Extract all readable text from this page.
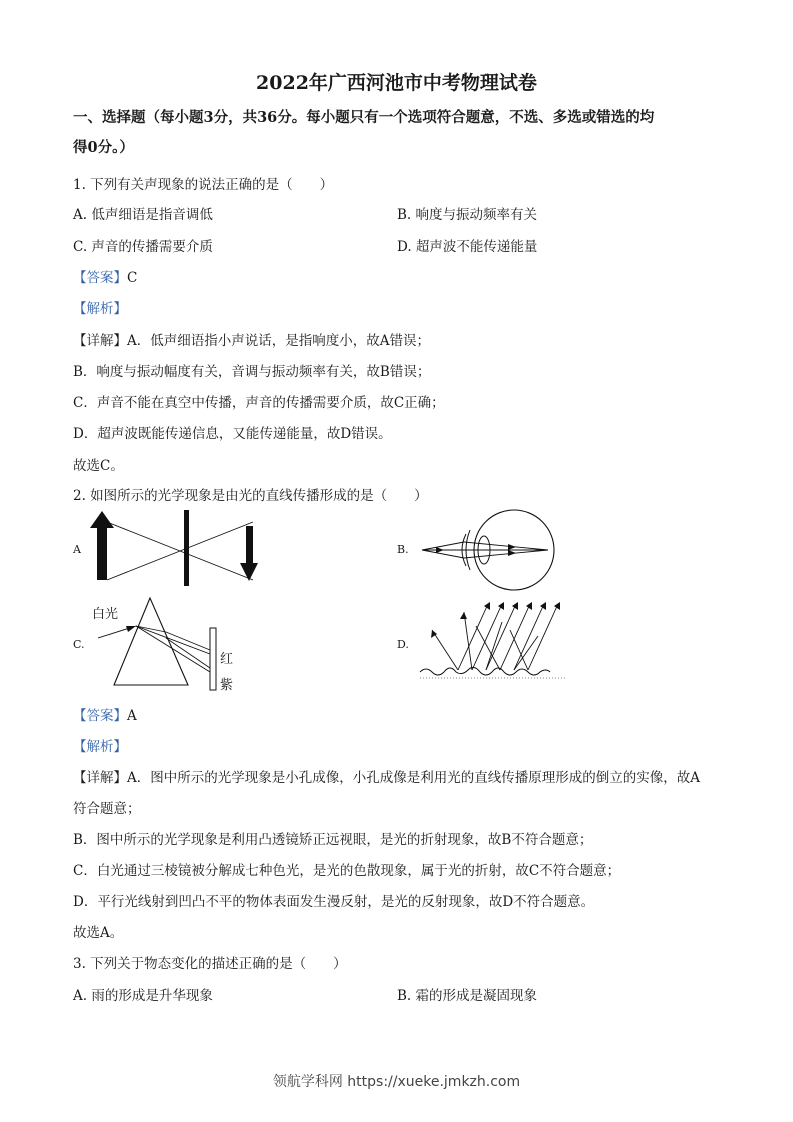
2022年广西河池市中考物理试卷
一、选择题（每小题3分，共36分。每小题只有一个选项符合题意，不选、多选或错选的均
得0分。）
1. 下列有关声现象的说法正确的是（　　）
A. 低声细语是指音调低	B. 响度与振动频率有关
C. 声音的传播需要介质	D. 超声波不能传递能量
【答案】C
【解析】
【详解】A．低声细语指小声说话，是指响度小，故A错误；
B．响度与振动幅度有关，音调与振动频率有关，故B错误；
C．声音不能在真空中传播，声音的传播需要介质，故C正确；
D．超声波既能传递信息，又能传递能量，故D错误。
故选C。
2. 如图所示的光学现象是由光的直线传播形成的是（　　）
A	B.
C.
白光
红
紫
D.
【答案】A
【解析】
【详解】A．图中所示的光学现象是小孔成像，小孔成像是利用光的直线传播原理形成的倒立的实像，故A
符合题意；
B．图中所示的光学现象是利用凸透镜矫正远视眼，是光的折射现象，故B不符合题意；
C．白光通过三棱镜被分解成七种色光，是光的色散现象，属于光的折射，故C不符合题意；
D．平行光线射到凹凸不平的物体表面发生漫反射，是光的反射现象，故D不符合题意。
故选A。
3. 下列关于物态变化的描述正确的是（　　）
A. 雨的形成是升华现象	B. 霜的形成是凝固现象
领航学科网 https://xueke.jmkzh.com
